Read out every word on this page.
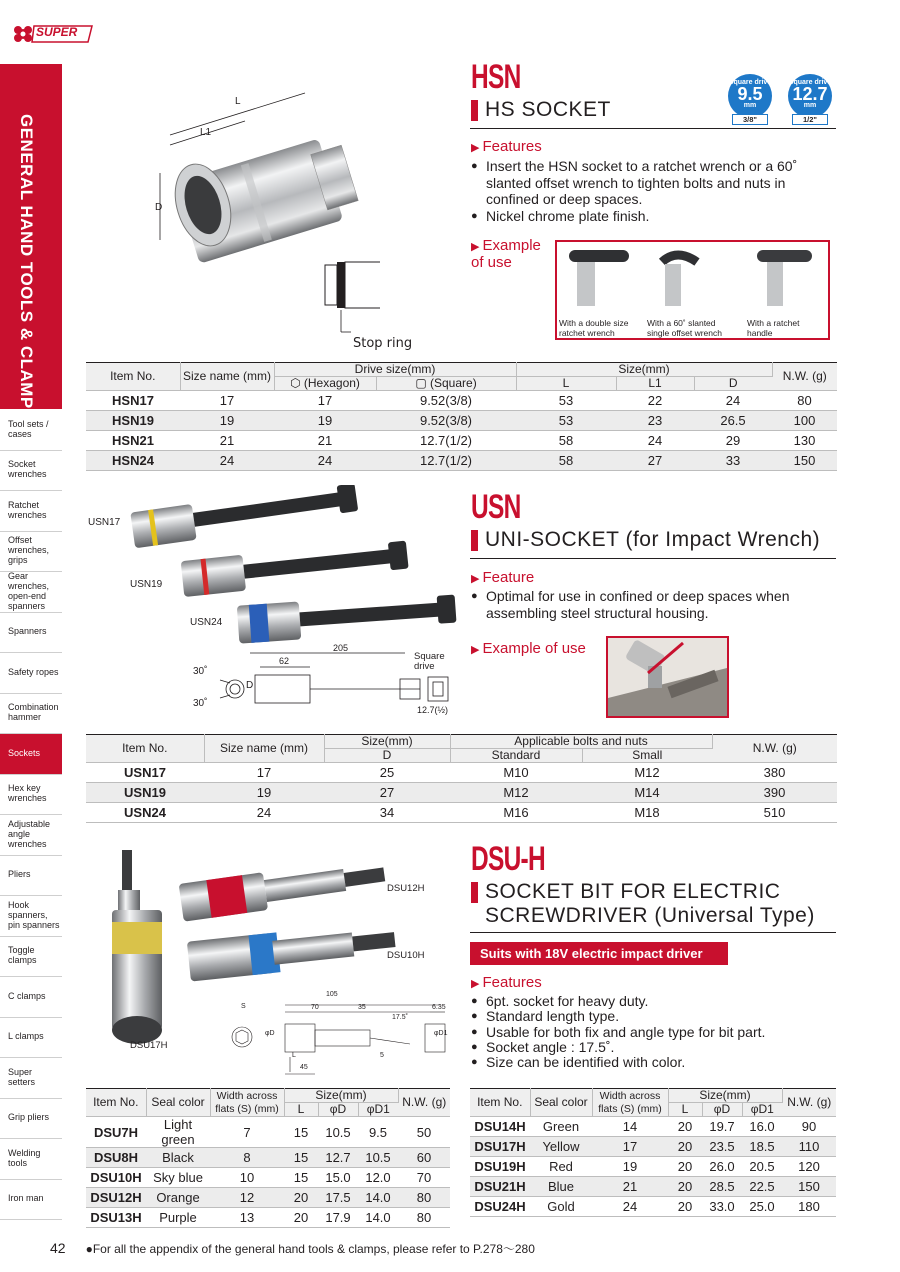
SUPER
GENERAL HAND TOOLS & CLAMPS
Tool sets / cases
Socket wrenches
Ratchet wrenches
Offset wrenches, grips
Gear wrenches, open-end spanners
Spanners
Safety ropes
Combination hammer
Sockets
Hex key wrenches
Adjustable angle wrenches
Pliers
Hook spanners, pin spanners
Toggle clamps
C clamps
L clamps
Super setters
Grip pliers
Welding tools
Iron man
L
L1
D
Stop ring
HSN
HS SOCKET
Square drive
9.5
mm
3/8"
Square drive
12.7
mm
1/2"
▶ Features
● Insert the HSN socket to a ratchet wrench or a 60˚ slanted offset wrench to tighten bolts and nuts in confined or deep spaces.
● Nickel chrome plate finish.
▶ Example of use
With a double size ratchet wrench
With a 60˚ slanted single offset wrench
With a ratchet handle
Item No.	Size name (mm)	Drive size(mm)		Size(mm)			N.W. (g)
		⬡ (Hexagon)	▢ (Square)	L	L1	D	
HSN17	17	17	9.52(3/8)	53	22	24	80
HSN19	19	19	9.52(3/8)	53	23	26.5	100
HSN21	21	21	12.7(1/2)	58	24	29	130
HSN24	24	24	12.7(1/2)	58	27	33	150
USN17
USN19
USN24
205
62
30˚
30˚
D
Square drive
12.7(½)
USN
UNI-SOCKET (for Impact Wrench)
▶ Feature
● Optimal for use in confined or deep spaces when assembling steel structural housing.
▶ Example of use
Item No.	Size name (mm)	Size(mm)	Applicable bolts and nuts		N.W. (g)
		D	Standard	Small	
USN17	17	25	M10	M12	380
USN19	19	27	M12	M14	390
USN24	24	34	M16	M18	510
DSU12H
DSU10H
DSU17H
105
70	35	6.35
17.5˚
S
L
φD	φD1
45
5
DSU-H
SOCKET BIT FOR ELECTRIC
SCREWDRIVER (Universal Type)
Suits with 18V electric impact driver
▶ Features
● 6pt. socket for heavy duty.
● Standard length type.
● Usable for both fix and angle type for bit part.
● Socket angle : 17.5˚.
● Size can be identified with color.
Item No.	Seal color	Width across flats (S) (mm)	Size(mm)			N.W. (g)
			L	φD	φD1	
DSU7H	Light green	7	15	10.5	9.5	50
DSU8H	Black	8	15	12.7	10.5	60
DSU10H	Sky blue	10	15	15.0	12.0	70
DSU12H	Orange	12	20	17.5	14.0	80
DSU13H	Purple	13	20	17.9	14.0	80
Item No.	Seal color	Width across flats (S) (mm)	Size(mm)			N.W. (g)
			L	φD	φD1	
DSU14H	Green	14	20	19.7	16.0	90
DSU17H	Yellow	17	20	23.5	18.5	110
DSU19H	Red	19	20	26.0	20.5	120
DSU21H	Blue	21	20	28.5	22.5	150
DSU24H	Gold	24	20	33.0	25.0	180
42 ●For all the appendix of the general hand tools & clamps, please refer to P.278～280
